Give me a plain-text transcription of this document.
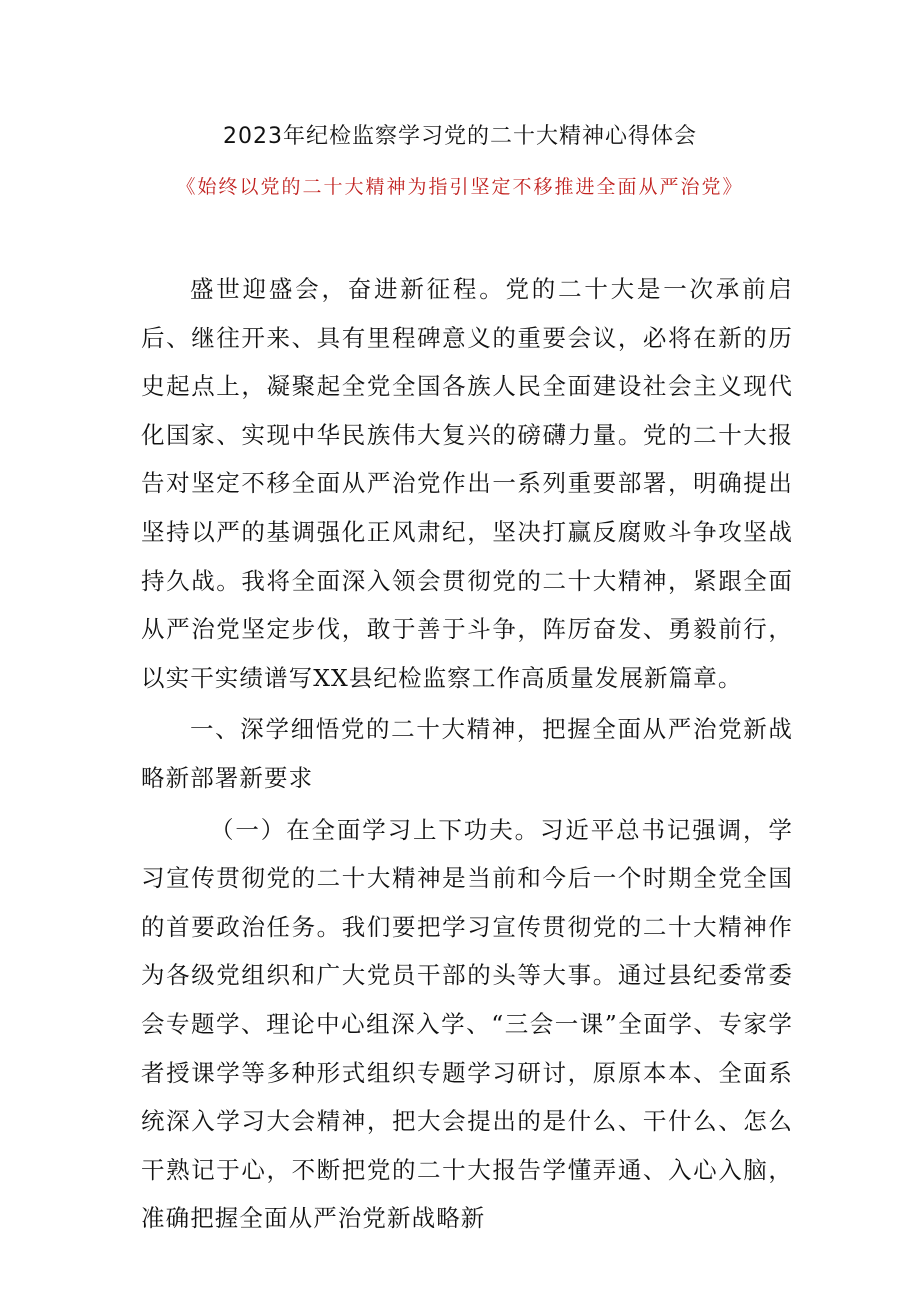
2023年纪检监察学习党的二十大精神心得体会
《始终以党的二十大精神为指引坚定不移推进全面从严治党》

盛世迎盛会，奋进新征程。党的二十大是一次承前启后、继往开来、具有里程碑意义的重要会议，必将在新的历史起点上，凝聚起全党全国各族人民全面建设社会主义现代化国家、实现中华民族伟大复兴的磅礴力量。党的二十大报告对坚定不移全面从严治党作出一系列重要部署，明确提出坚持以严的基调强化正风肃纪，坚决打赢反腐败斗争攻坚战持久战。我将全面深入领会贯彻党的二十大精神，紧跟全面从严治党坚定步伐，敢于善于斗争，阵厉奋发、勇毅前行，以实干实绩谱写XX县纪检监察工作高质量发展新篇章。

一、深学细悟党的二十大精神，把握全面从严治党新战略新部署新要求

（一）在全面学习上下功夫。习近平总书记强调，学习宣传贯彻党的二十大精神是当前和今后一个时期全党全国的首要政治任务。我们要把学习宣传贯彻党的二十大精神作为各级党组织和广大党员干部的头等大事。通过县纪委常委会专题学、理论中心组深入学、“三会一课”全面学、专家学者授课学等多种形式组织专题学习研讨，原原本本、全面系统深入学习大会精神，把大会提出的是什么、干什么、怎么干熟记于心，不断把党的二十大报告学懂弄通、入心入脑，准确把握全面从严治党新战略新
